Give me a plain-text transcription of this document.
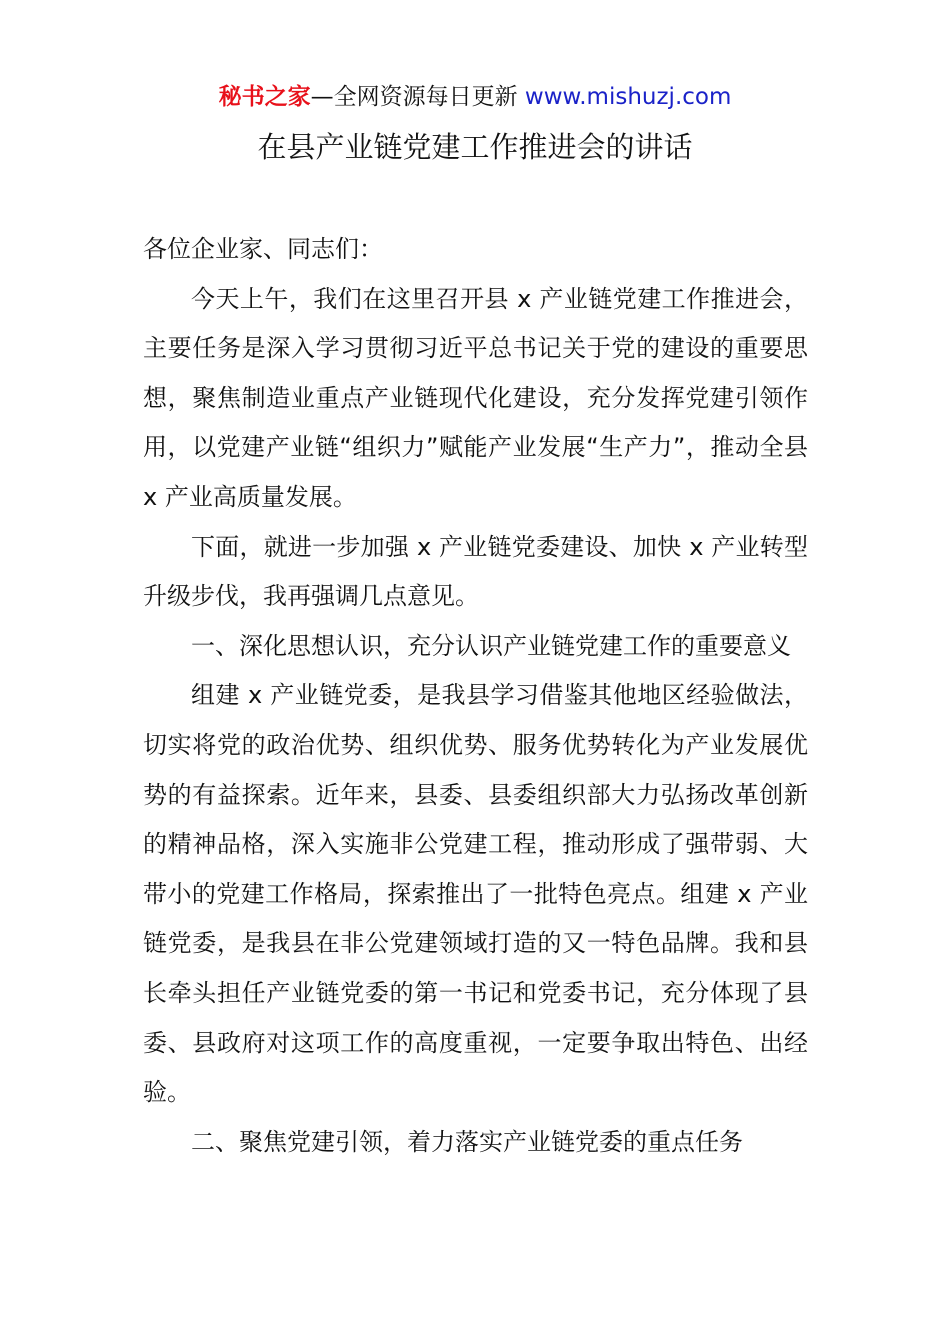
秘书之家—全网资源每日更新 www.mishuzj.com
在县产业链党建工作推进会的讲话

各位企业家、同志们：

今天上午，我们在这里召开县 x 产业链党建工作推进会，主要任务是深入学习贯彻习近平总书记关于党的建设的重要思想，聚焦制造业重点产业链现代化建设，充分发挥党建引领作用，以党建产业链“组织力”赋能产业发展“生产力”，推动全县 x 产业高质量发展。

下面，就进一步加强 x 产业链党委建设、加快 x 产业转型升级步伐，我再强调几点意见。

一、深化思想认识，充分认识产业链党建工作的重要意义

组建 x 产业链党委，是我县学习借鉴其他地区经验做法，切实将党的政治优势、组织优势、服务优势转化为产业发展优势的有益探索。近年来，县委、县委组织部大力弘扬改革创新的精神品格，深入实施非公党建工程，推动形成了强带弱、大带小的党建工作格局，探索推出了一批特色亮点。组建 x 产业链党委，是我县在非公党建领域打造的又一特色品牌。我和县长牵头担任产业链党委的第一书记和党委书记，充分体现了县委、县政府对这项工作的高度重视，一定要争取出特色、出经验。

二、聚焦党建引领，着力落实产业链党委的重点任务
